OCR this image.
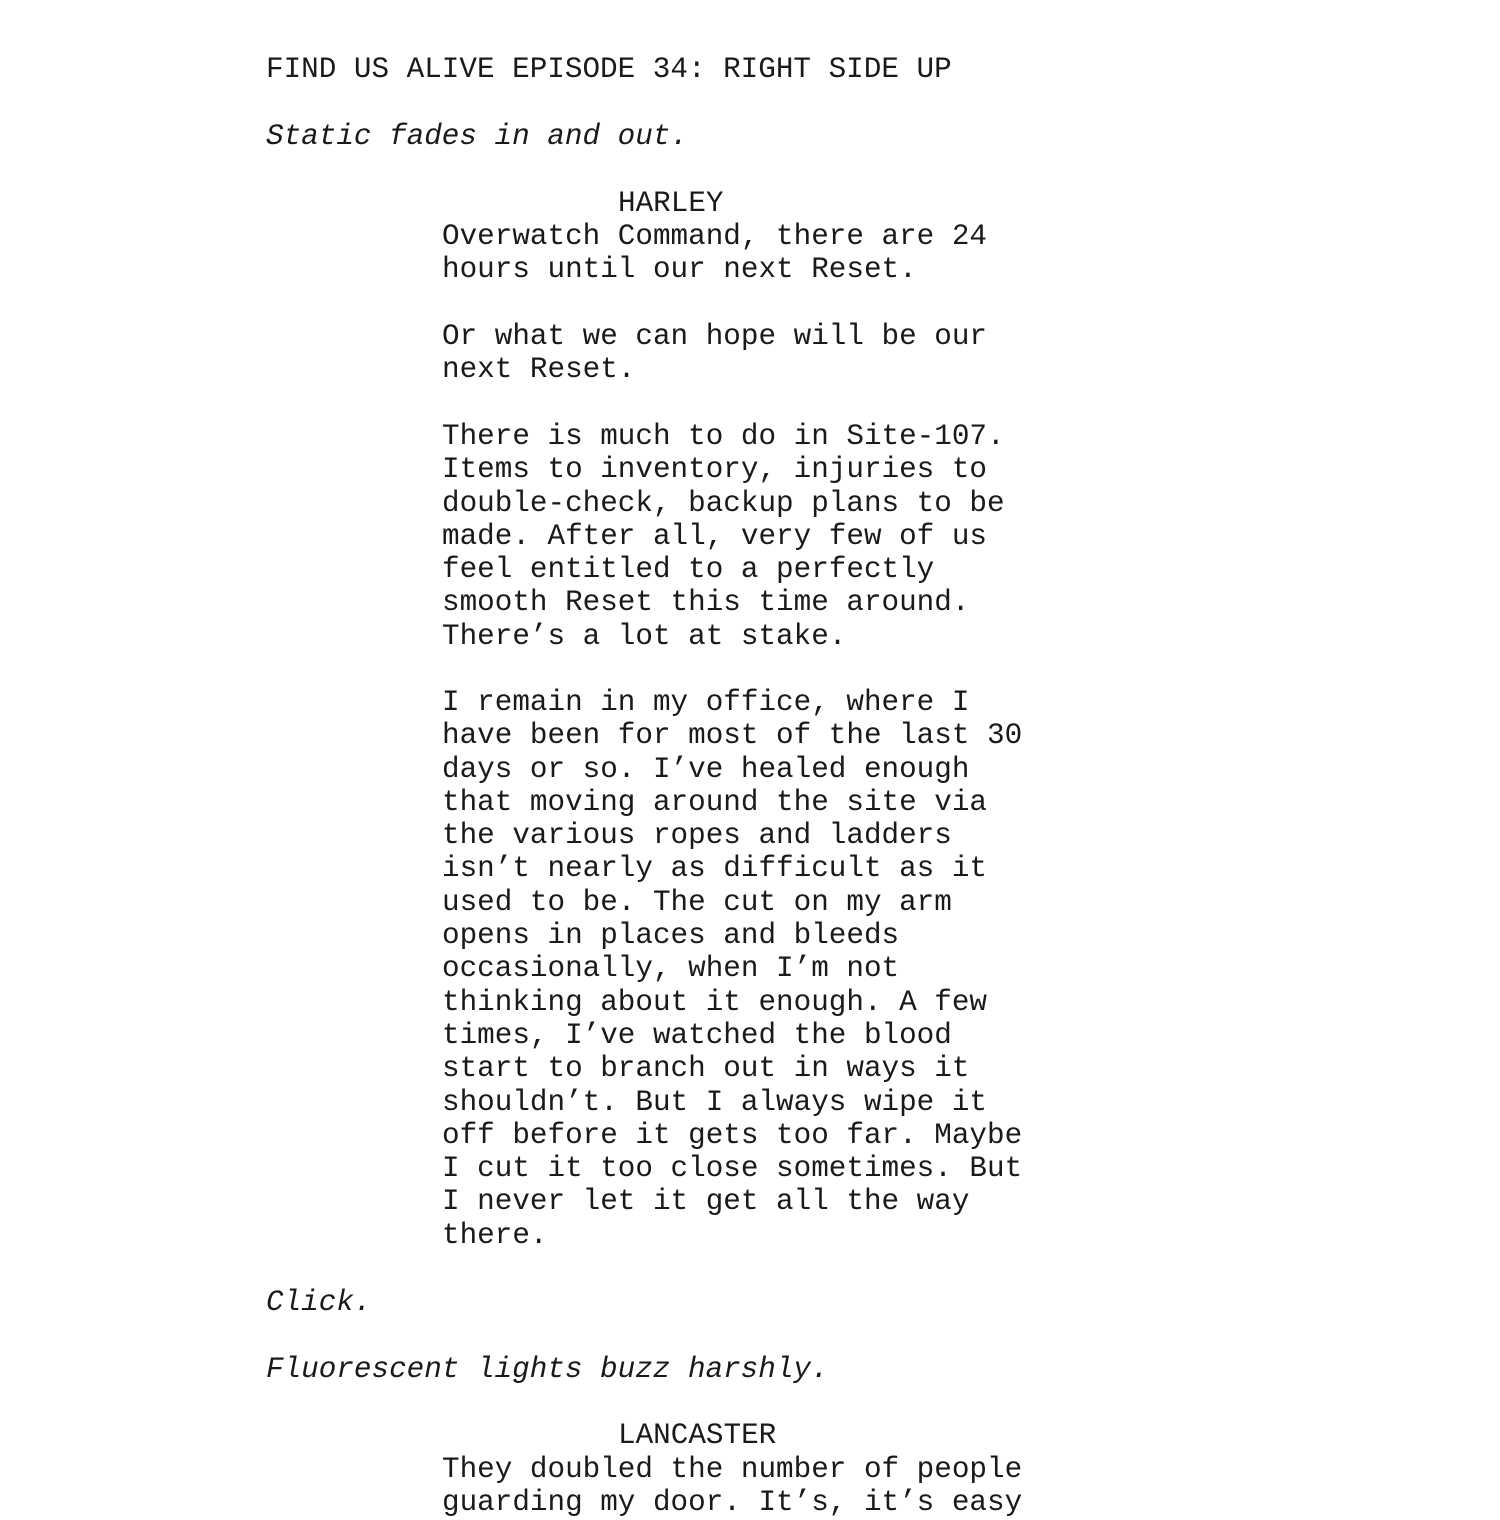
FIND US ALIVE EPISODE 34: RIGHT SIDE UP
Static fades in and out.
HARLEY
Overwatch Command, there are 24
hours until our next Reset.
Or what we can hope will be our
next Reset.
There is much to do in Site-107.
Items to inventory, injuries to
double-check, backup plans to be
made. After all, very few of us
feel entitled to a perfectly
smooth Reset this time around.
There’s a lot at stake.
I remain in my office, where I
have been for most of the last 30
days or so. I’ve healed enough
that moving around the site via
the various ropes and ladders
isn’t nearly as difficult as it
used to be. The cut on my arm
opens in places and bleeds
occasionally, when I’m not
thinking about it enough. A few
times, I’ve watched the blood
start to branch out in ways it
shouldn’t. But I always wipe it
off before it gets too far. Maybe
I cut it too close sometimes. But
I never let it get all the way
there.
Click.
Fluorescent lights buzz harshly.
LANCASTER
They doubled the number of people
guarding my door. It’s, it’s easy
